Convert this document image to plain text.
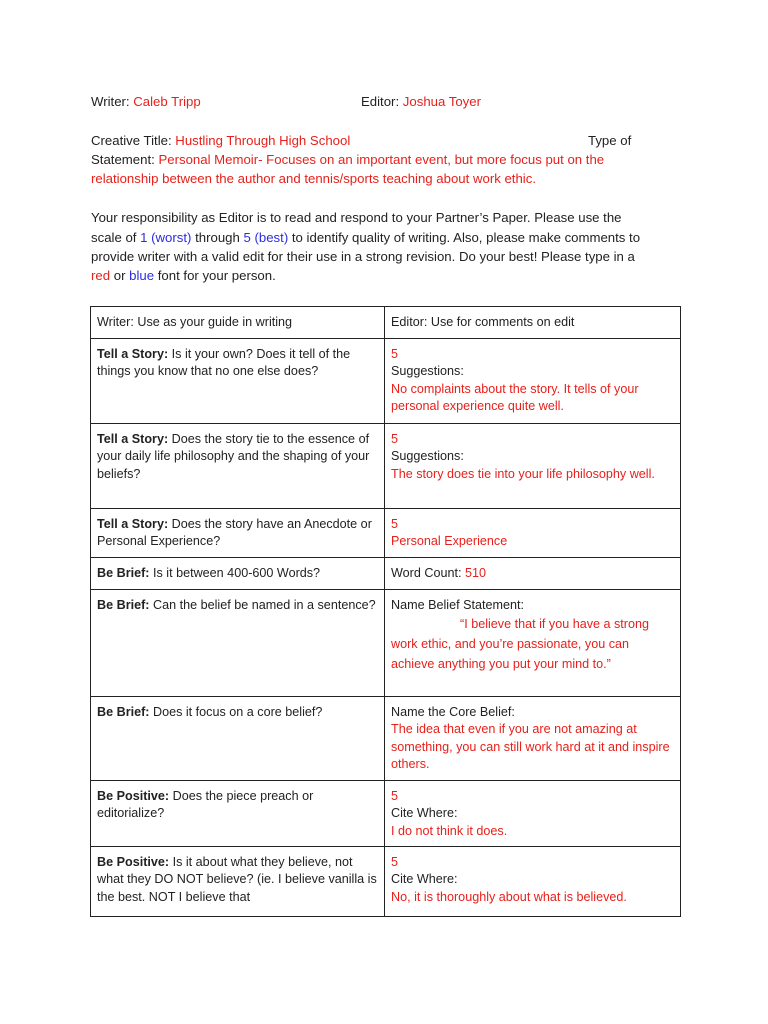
Writer: Caleb Tripp	Editor: Joshua Toyer
Creative Title: Hustling Through High School	Type of
Statement: Personal Memoir- Focuses on an important event, but more focus put on the
relationship between the author and tennis/sports teaching about work ethic.
Your responsibility as Editor is to read and respond to your Partner’s Paper. Please use the
scale of 1 (worst) through 5 (best) to identify quality of writing. Also, please make comments to
provide writer with a valid edit for their use in a strong revision. Do your best! Please type in a
red or blue font for your person.
Writer: Use as your guide in writing	Editor: Use for comments on edit
Tell a Story: Is it your own? Does it tell of the things you know that no one else does?	5
Suggestions:
No complaints about the story. It tells of your personal experience quite well.

Tell a Story: Does the story tie to the essence of your daily life philosophy and the shaping of your beliefs?	5
Suggestions:
The story does tie into your life philosophy well.

Tell a Story: Does the story have an Anecdote or Personal Experience?	5
Personal Experience

Be Brief: Is it between 400-600 Words?	Word Count: 510
Be Brief: Can the belief be named in a sentence?	Name Belief Statement:
“I believe that if you have a strong work ethic, and you’re passionate, you can achieve anything you put your mind to.”

Be Brief: Does it focus on a core belief?	Name the Core Belief:
The idea that even if you are not amazing at something, you can still work hard at it and inspire others.

Be Positive: Does the piece preach or editorialize?	5
Cite Where:
I do not think it does.

Be Positive: Is it about what they believe, not what they DO NOT believe? (ie. I believe vanilla is the best. NOT I believe that	5
Cite Where:
No, it is thoroughly about what is believed.
